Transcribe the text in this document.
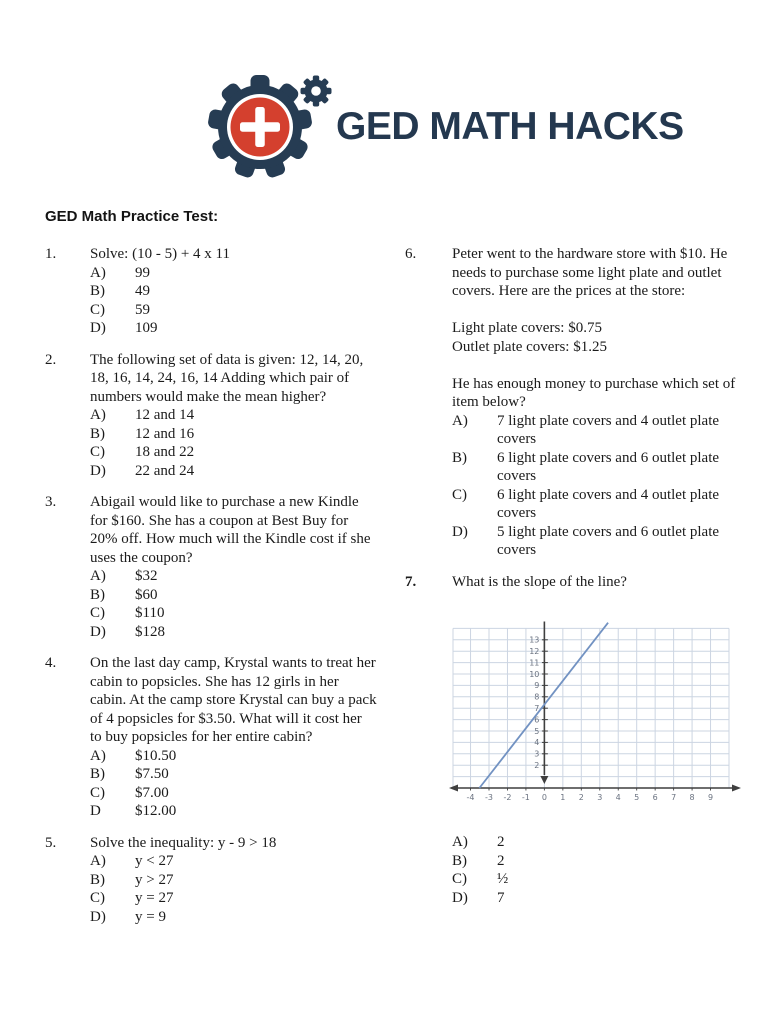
GED MATH HACKS
GED Math Practice Test:
1.	Solve: (10 - 5) + 4 x 11
A)	99
B)	49
C)	59
D)	109
2.	The following set of data is given: 12, 14, 20, 18, 16, 14, 24, 16, 14 Adding which pair of numbers would make the mean higher?
A)	12 and 14
B)	12 and 16
C)	18 and 22
D)	22 and 24
3.	Abigail would like to purchase a new Kindle for $160. She has a coupon at Best Buy for 20% off. How much will the Kindle cost if she uses the coupon?
A)	$32
B)	$60
C)	$110
D)	$128
4.	On the last day camp, Krystal wants to treat her cabin to popsicles. She has 12 girls in her cabin. At the camp store Krystal can buy a pack of 4 popsicles for $3.50. What will it cost her to buy popsicles for her entire cabin?
A)	$10.50
B)	$7.50
C)	$7.00
D	$12.00
5.	Solve the inequality: y - 9 > 18
A)	y < 27
B)	y > 27
C)	y = 27
D)	y = 9
6.	Peter went to the hardware store with $10. He needs to purchase some light plate and outlet covers. Here are the prices at the store:
Light plate covers: $0.75
Outlet plate covers: $1.25
He has enough money to purchase which set of item below?
A)	7 light plate covers and 4 outlet plate covers
B)	6 light plate covers and 6 outlet plate covers
C)	6 light plate covers and 4 outlet plate covers
D)	5 light plate covers and 6 outlet plate covers
7.	What is the slope of the line?
2
3
4
5
6
7
8
9
10
11
12
13
-4 -3 -2 -1 0 1 2 3 4 5 6 7 8 9
A)	2
B)	2
C)	½
D)	7
